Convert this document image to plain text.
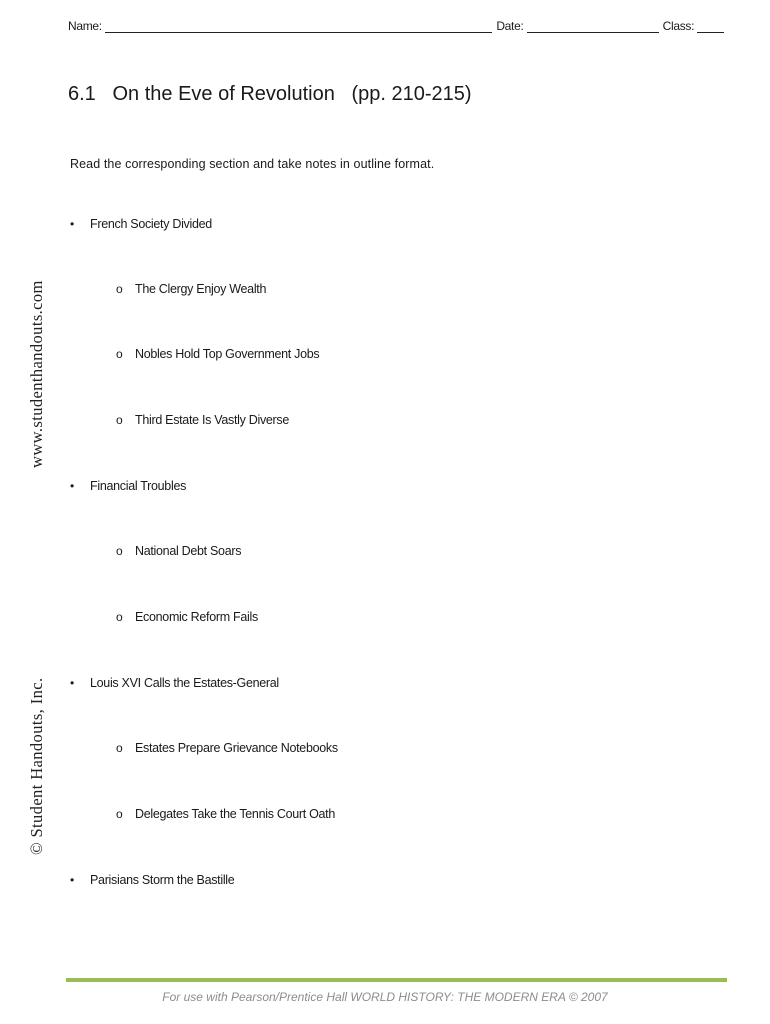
Name:	Date:	Class:
6.1   On the Eve of Revolution   (pp. 210-215)
Read the corresponding section and take notes in outline format.
• French Society Divided
o The Clergy Enjoy Wealth
o Nobles Hold Top Government Jobs
o Third Estate Is Vastly Diverse
• Financial Troubles
o National Debt Soars
o Economic Reform Fails
• Louis XVI Calls the Estates-General
o Estates Prepare Grievance Notebooks
o Delegates Take the Tennis Court Oath
• Parisians Storm the Bastille
www.studenthandouts.com
© Student Handouts, Inc.
For use with Pearson/Prentice Hall WORLD HISTORY: THE MODERN ERA © 2007
